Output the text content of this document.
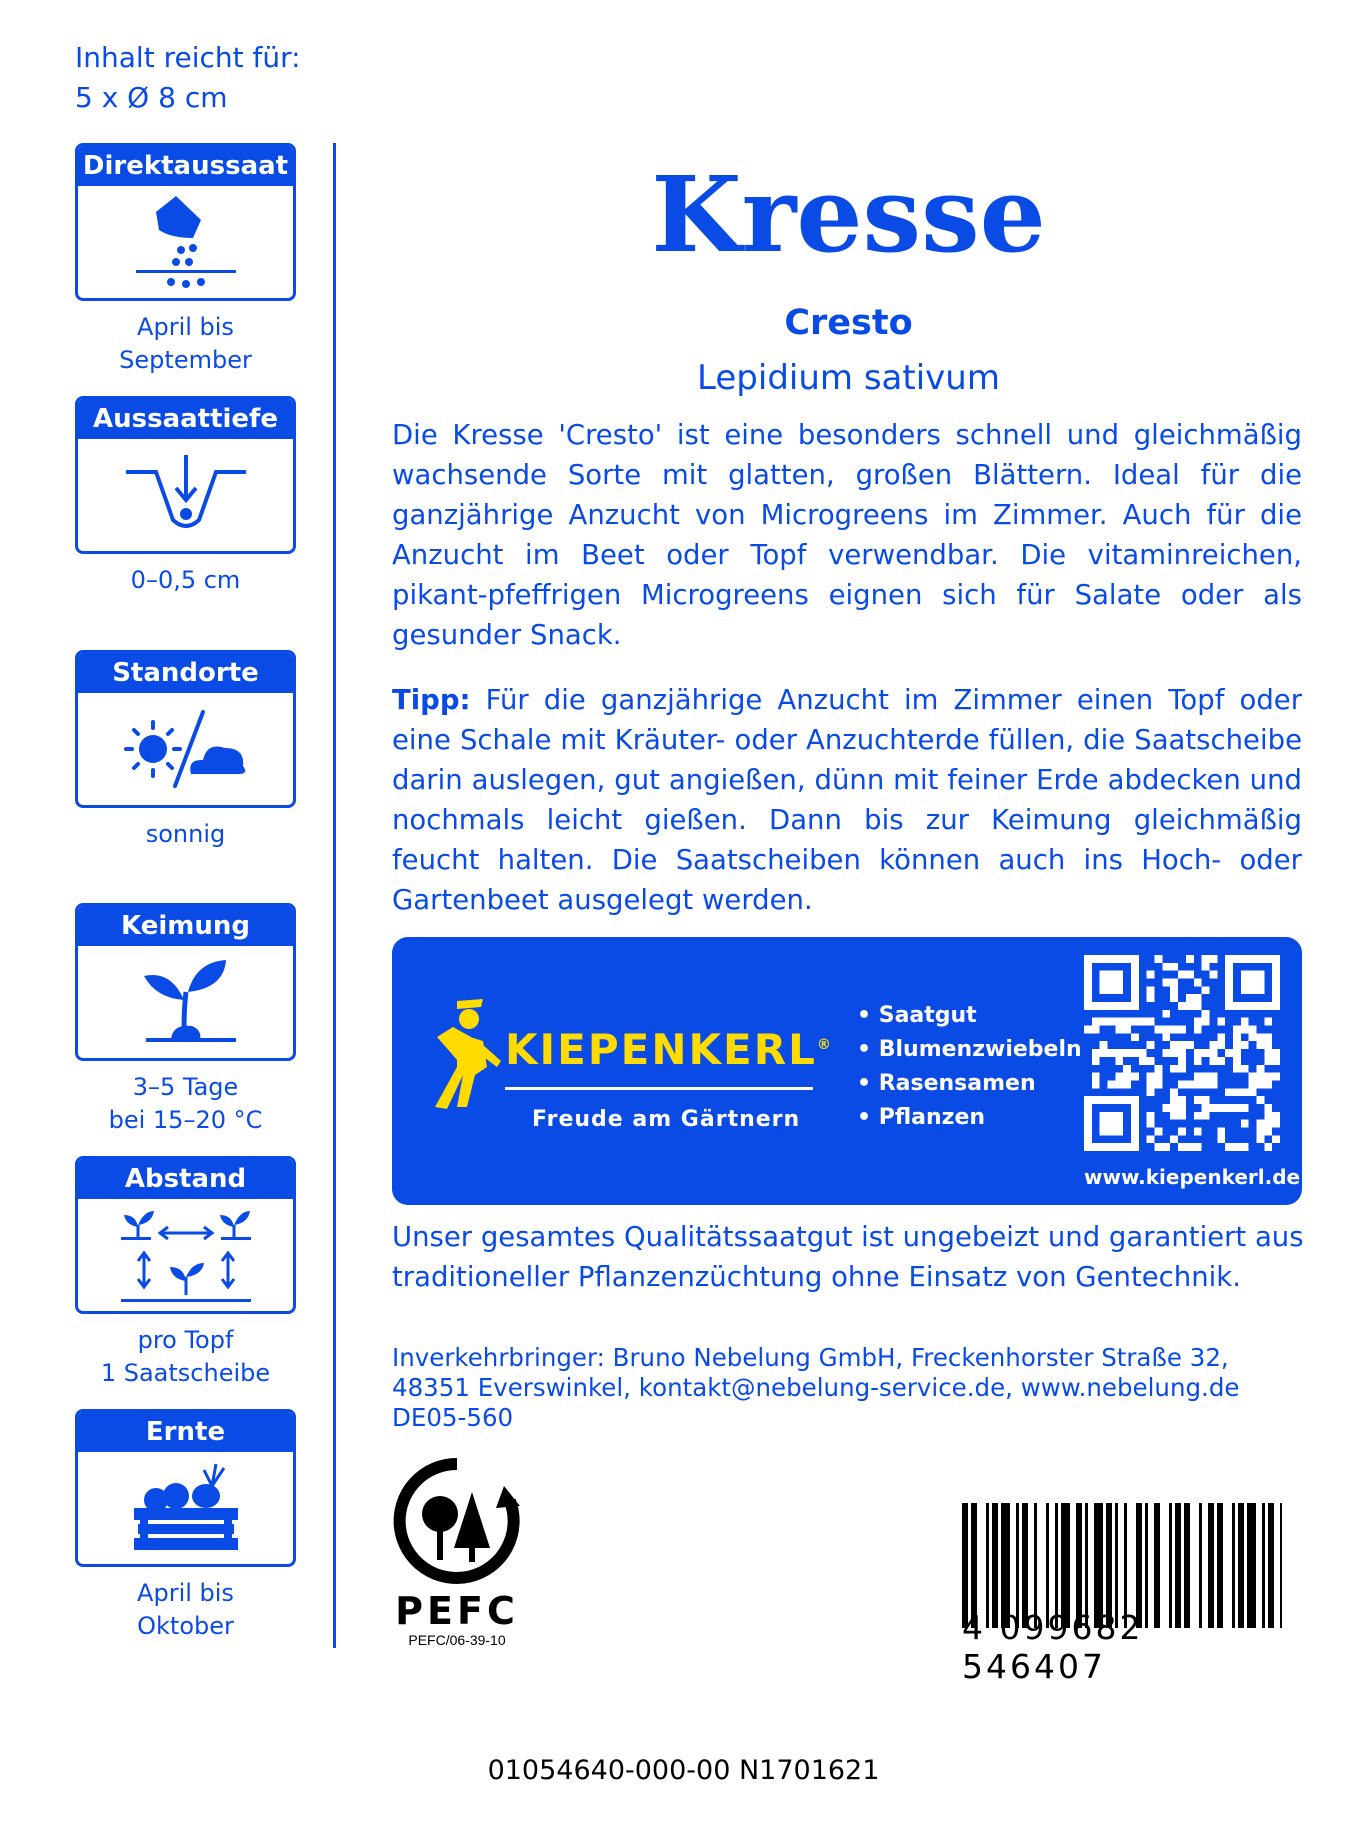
Inhalt reicht für:
5 x Ø 8 cm
Direktaussaat
April bis
September
Aussaattiefe
0–0,5 cm
Standorte
sonnig
Keimung
3–5 Tage
bei 15–20 °C
Abstand
pro Topf
1 Saatscheibe
Ernte
April bis
Oktober
Kresse
Cresto
Lepidium sativum
Die Kresse 'Cresto' ist eine besonders schnell und gleichmäßig wachsende Sorte mit glatten, großen Blättern. Ideal für die ganzjährige Anzucht von Microgreens im Zimmer. Auch für die Anzucht im Beet oder Topf verwendbar. Die vitaminreichen, pikant-pfeffrigen Microgreens eignen sich für Salate oder als gesunder Snack.
Tipp: Für die ganzjährige Anzucht im Zimmer einen Topf oder eine Schale mit Kräuter- oder Anzuchterde füllen, die Saatscheibe darin auslegen, gut angießen, dünn mit feiner Erde abdecken und nochmals leicht gießen. Dann bis zur Keimung gleichmäßig feucht halten. Die Saatscheiben können auch ins Hoch- oder Gartenbeet ausgelegt werden.
KIEPENKERL®
Freude am Gärtnern
• Saatgut
• Blumenzwiebeln
• Rasensamen
• Pflanzen
www.kiepenkerl.de
Unser gesamtes Qualitätssaatgut ist ungebeizt und garantiert aus traditioneller Pflanzenzüchtung ohne Einsatz von Gentechnik.
Inverkehrbringer: Bruno Nebelung GmbH, Freckenhorster Straße 32,
48351 Everswinkel, kontakt@nebelung-service.de, www.nebelung.de
DE05-560
PEFC
PEFC/06-39-10	4 099682 546407
01054640-000-00 N1701621
